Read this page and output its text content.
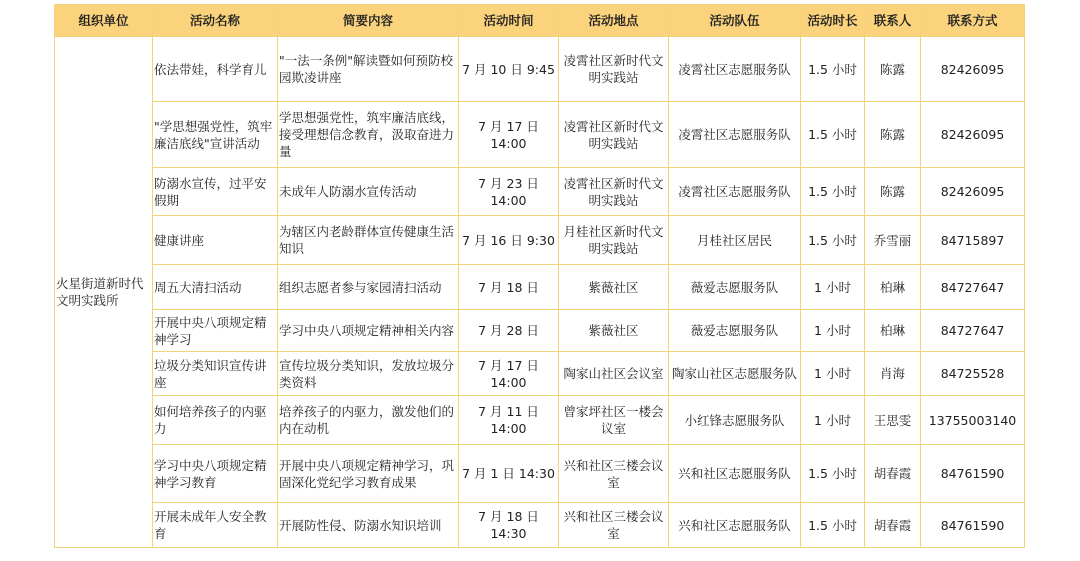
组织单位	活动名称	简要内容	活动时间	活动地点	活动队伍	活动时长	联系人	联系方式
火星街道新时代文明实践所	依法带娃，科学育儿	"一法一条例"解读暨如何预防校园欺凌讲座	7 月 10 日 9:45	凌霄社区新时代文明实践站	凌霄社区志愿服务队	1.5 小时	陈露	82426095
	"学思想强党性，筑牢廉洁底线"宣讲活动	学思想强党性，筑牢廉洁底线，接受理想信念教育，汲取奋进力量	7 月 17 日 14:00	凌霄社区新时代文明实践站	凌霄社区志愿服务队	1.5 小时	陈露	82426095
	防溺水宣传，过平安假期	未成年人防溺水宣传活动	7 月 23 日 14:00	凌霄社区新时代文明实践站	凌霄社区志愿服务队	1.5 小时	陈露	82426095
	健康讲座	为辖区内老龄群体宣传健康生活知识	7 月 16 日 9:30	月桂社区新时代文明实践站	月桂社区居民	1.5 小时	乔雪丽	84715897
	周五大清扫活动	组织志愿者参与家园清扫活动	7 月 18 日	紫薇社区	薇爱志愿服务队	1 小时	柏琳	84727647
	开展中央八项规定精神学习	学习中央八项规定精神相关内容	7 月 28 日	紫薇社区	薇爱志愿服务队	1 小时	柏琳	84727647
	垃圾分类知识宣传讲座	宣传垃圾分类知识，发放垃圾分类资料	7 月 17 日 14:00	陶家山社区会议室	陶家山社区志愿服务队	1 小时	肖海	84725528
	如何培养孩子的内驱力	培养孩子的内驱力，激发他们的内在动机	7 月 11 日 14:00	曾家坪社区一楼会议室	小红锋志愿服务队	1 小时	王思雯	13755003140
	学习中央八项规定精神学习教育	开展中央八项规定精神学习，巩固深化党纪学习教育成果	7 月 1 日 14:30	兴和社区三楼会议室	兴和社区志愿服务队	1.5 小时	胡春霞	84761590
	开展未成年人安全教育	开展防性侵、防溺水知识培训	7 月 18 日 14:30	兴和社区三楼会议室	兴和社区志愿服务队	1.5 小时	胡春霞	84761590
